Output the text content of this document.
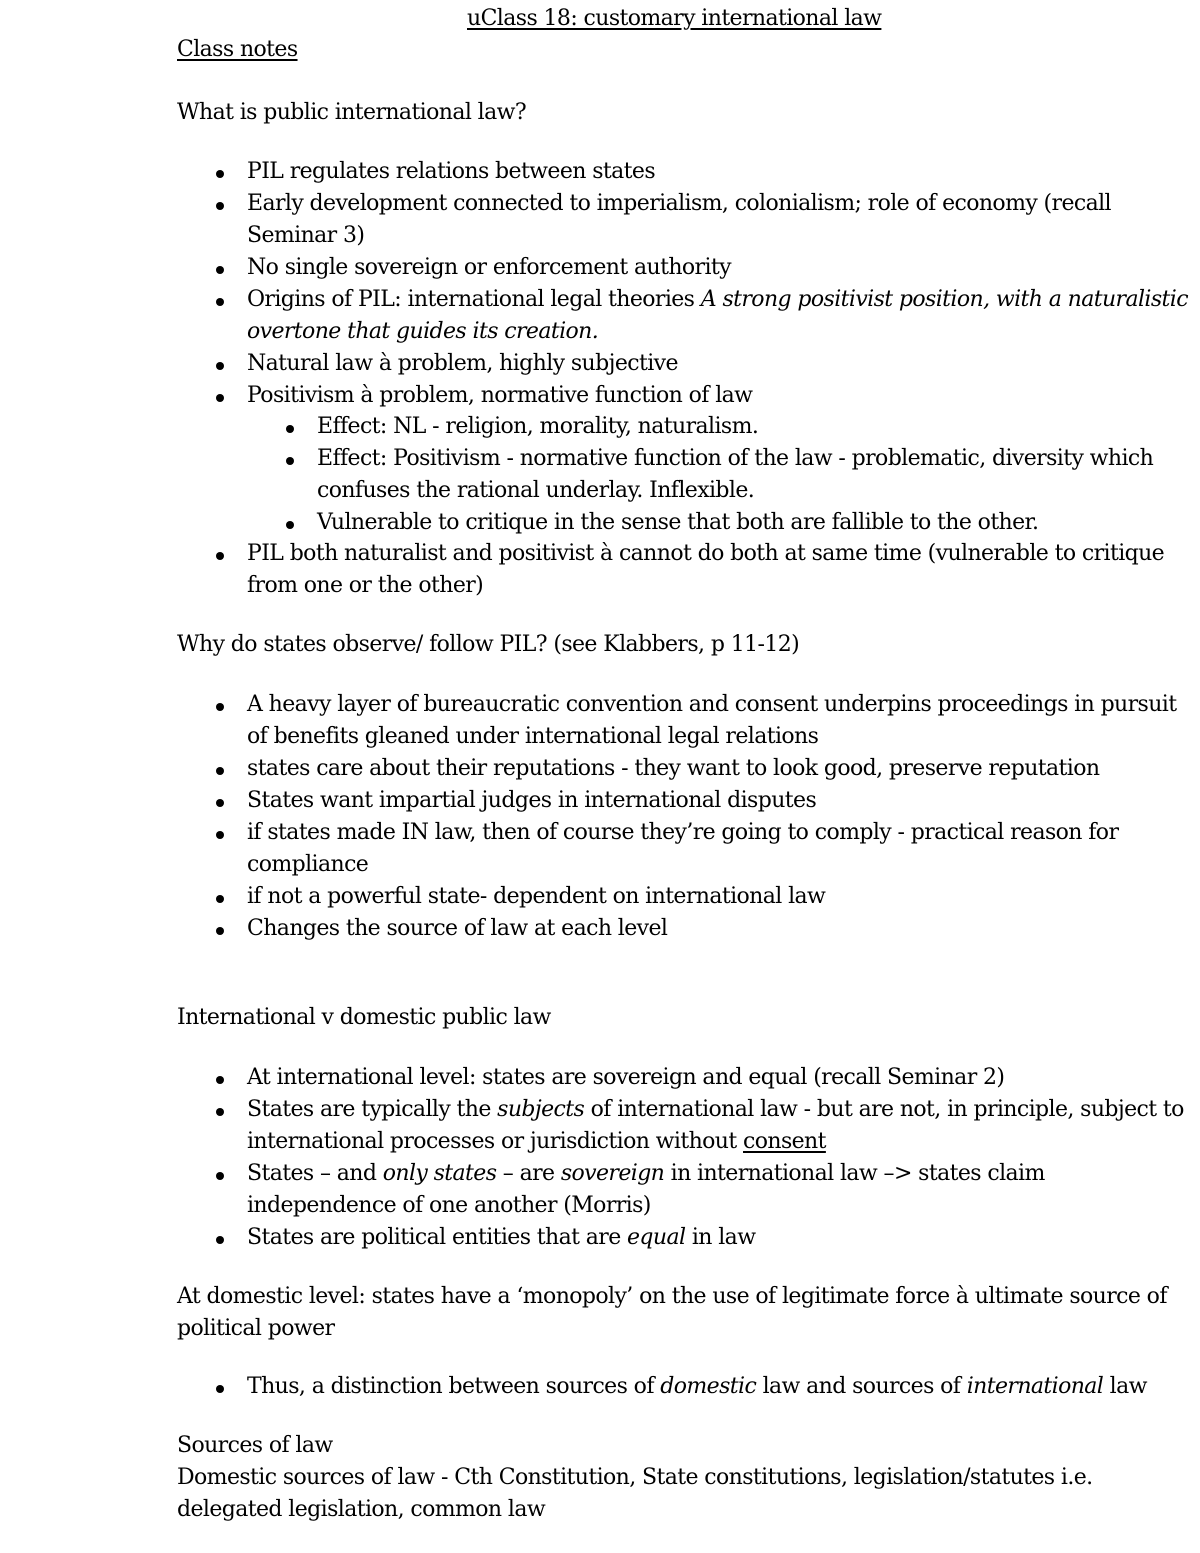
uClass 18: customary international law
Class notes
What is public international law?
PIL regulates relations between states
Early development connected to imperialism, colonialism; role of economy (recall Seminar 3)
No single sovereign or enforcement authority
Origins of PIL: international legal theories A strong positivist position, with a naturalistic overtone that guides its creation.
Natural law à problem, highly subjective
Positivism à problem, normative function of law
Effect: NL - religion, morality, naturalism.
Effect: Positivism - normative function of the law - problematic, diversity which confuses the rational underlay. Inflexible.
Vulnerable to critique in the sense that both are fallible to the other.
PIL both naturalist and positivist à cannot do both at same time (vulnerable to critique from one or the other)
Why do states observe/ follow PIL? (see Klabbers, p 11-12)
A heavy layer of bureaucratic convention and consent underpins proceedings in pursuit of benefits gleaned under international legal relations
states care about their reputations - they want to look good, preserve reputation
States want impartial judges in international disputes
if states made IN law, then of course they’re going to comply - practical reason for compliance
if not a powerful state- dependent on international law
Changes the source of law at each level
International v domestic public law
At international level: states are sovereign and equal (recall Seminar 2)
States are typically the subjects of international law - but are not, in principle, subject to international processes or jurisdiction without consent
States – and only states – are sovereign in international law –> states claim independence of one another (Morris)
States are political entities that are equal in law
At domestic level: states have a ‘monopoly’ on the use of legitimate force à ultimate source of political power
Thus, a distinction between sources of domestic law and sources of international law
Sources of law
Domestic sources of law - Cth Constitution, State constitutions, legislation/statutes i.e. delegated legislation, common law
